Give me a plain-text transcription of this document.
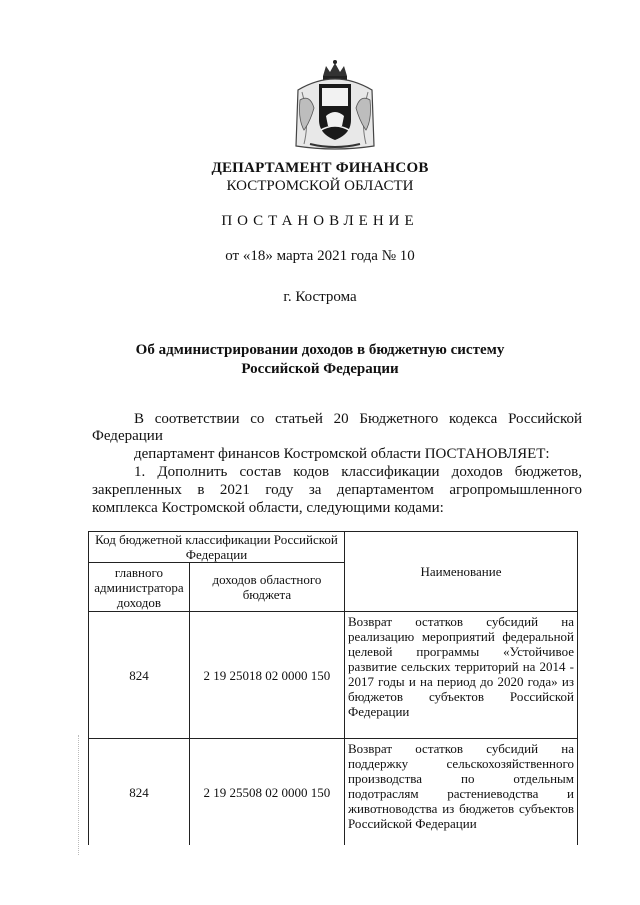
ДЕПАРТАМЕНТ ФИНАНСОВ
КОСТРОМСКОЙ ОБЛАСТИ
ПОСТАНОВЛЕНИЕ
от «18» марта 2021 года № 10
г. Кострома
Об администрировании доходов в бюджетную систему
Российской Федерации
В соответствии со статьей 20 Бюджетного кодекса Российской
Федерации
департамент финансов Костромской области ПОСТАНОВЛЯЕТ:
1. Дополнить состав кодов классификации доходов бюджетов,
закрепленных в 2021 году за департаментом агропромышленного
комплекса Костромской области, следующими кодами:
Код бюджетной классификации Российской Федерации		Наименование
главного администратора доходов	доходов областного бюджета	
824	2 19 25018 02 0000 150	Возврат остатков субсидий на реализацию мероприятий федеральной целевой программы «Устойчивое развитие сельских территорий на 2014 - 2017 годы и на период до 2020 года» из бюджетов субъектов Российской Федерации
824	2 19 25508 02 0000 150	Возврат остатков субсидий на поддержку сельскохозяйственного производства по отдельным подотраслям растениеводства и животноводства из бюджетов субъектов Российской Федерации
